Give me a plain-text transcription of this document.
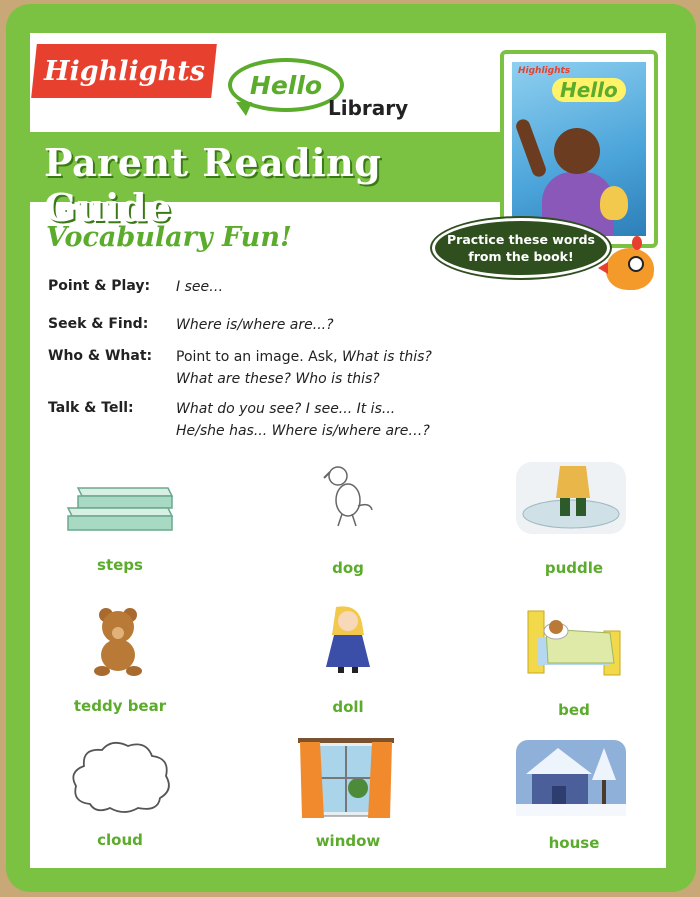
Highlights Hello
Library
Parent Reading Guide
Highlights
Hello
Practice these words
from the book!
Vocabulary Fun!
Point & Play: I see…
Seek & Find: Where is/where are...?
Who & What: Point to an image. Ask, What is this?
What are these? Who is this?
Talk & Tell:	What do you see? I see... It is...
He/she has... Where is/where are…?
steps	dog	puddle
teddy bear	doll	bed
cloud	window	house
